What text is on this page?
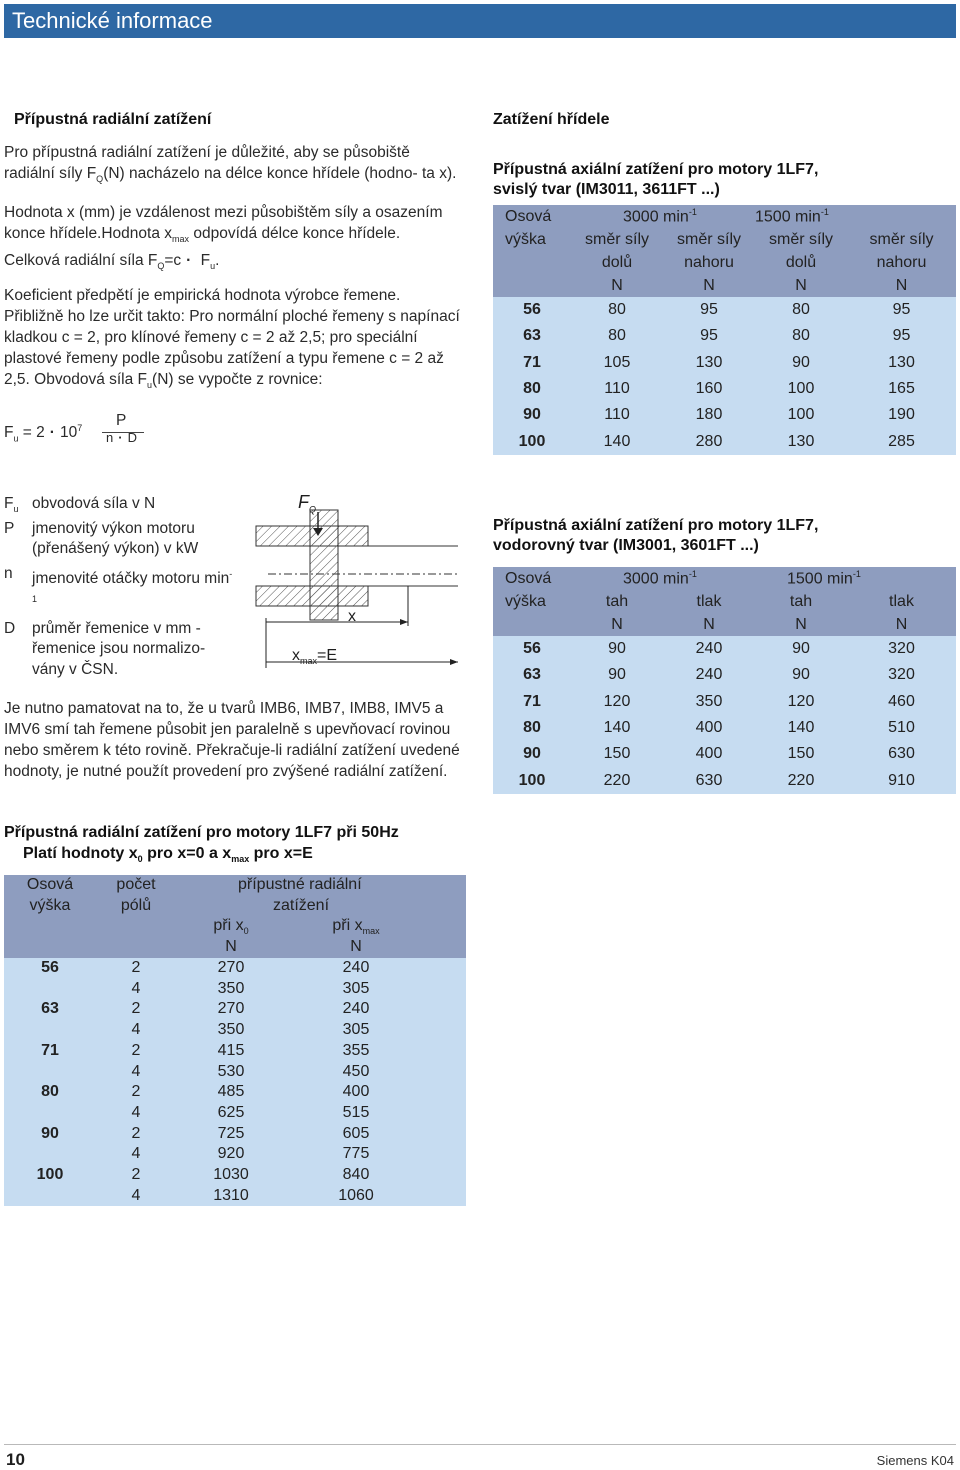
Technické informace
Přípustná radiální zatížení

Pro přípustná radiální zatížení je důležité, aby se působiště radiální síly $F_Q(N)$ nacházelo na délce konce hřídele (hodno- ta x).

Hodnota x (mm) je vzdálenost mezi působištěm síly a osazením konce hřídele.Hodnota $x_{max}$ odpovídá délce konce hřídele. Celková radiální síla $F_Q=c \cdot F_u$.

Koeficient předpětí je empirická hodnota výrobce řemene. Přibližně ho lze určit takto: Pro normální ploché řemeny s napínací kladkou c = 2, pro klínové řemeny c = 2 až 2,5; pro speciální plastové řemeny podle způsobu zatížení a typu řemene c = 2 až 2,5. Obvodová síla $F_u(N)$ se vypočte z rovnice:

$F_u = 2 \cdot 10^7$ P
n · D
$F_u$ obvodová síla v N
P jmenovitý výkon motoru (přenášený výkon) v kW
n jmenovité otáčky motoru $\min^{-1}$
D průměr řemenice v mm - řemenice jsou normalizo- vány v ČSN.
$F_Q$
x
$x_{max}=E$
Je nutno pamatovat na to, že u tvarů IMB6, IMB7, IMB8, IMV5 a IMV6 smí tah řemene působit jen paralelně s upevňovací rovinou nebo směrem k této rovině. Překračuje-li radiální zatížení uvedené hodnoty, je nutné použít provedení pro zvýšené radiální zatížení.
Zatížení hřídele
Přípustná axiální zatížení pro motory 1LF7,
svislý tvar (IM3011, 3611FT ...)
Osová	3000 $\min^{-1}$		1500 $\min^{-1}$
výška	směr síly	směr síly	směr síly	směr síly
	dolů	nahoru	dolů	nahoru
	N	N	N	N
56	80	95	80	95
63	80	95	80	95
71	105	130	90	130
80	110	160	100	165
90	110	180	100	190
100	140	280	130	285
Přípustná axiální zatížení pro motory 1LF7,
vodorovný tvar (IM3001, 3601FT ...)
Osová	3000 $\min^{-1}$		1500 $\min^{-1}$
výška	tah	tlak	tah	tlak
	N	N	N	N
56	90	240	90	320
63	90	240	90	320
71	120	350	120	460
80	140	400	140	510
90	150	400	150	630
100	220	630	220	910
Přípustná radiální zatížení pro motory 1LF7 při 50Hz
Platí hodnoty $x_0$ pro x=0 a $x_{max}$ pro x=E
Osová	počet	přípustné radiální		
výška	pólů	zatížení		
		při $x_0$	při $x_{max}$	
		N	N	
56	2	270	240	
	4	350	305	
63	2	270	240	
	4	350	305	
71	2	415	355	
	4	530	450	
80	2	485	400	
	4	625	515	
90	2	725	605	
	4	920	775	
100	2	1030	840	
	4	1310	1060	
10	Siemens K04
